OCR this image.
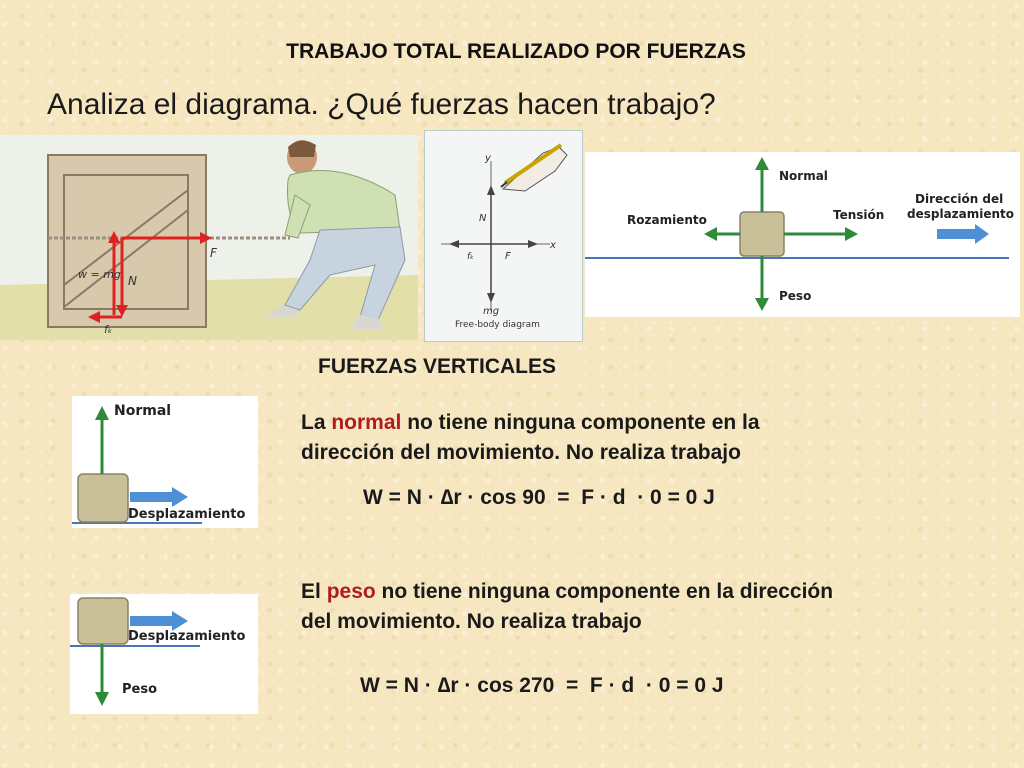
TRABAJO TOTAL REALIZADO POR FUERZAS
Analiza el diagrama. ¿Qué fuerzas hacen trabajo?
F
w = mg N
fₖ
y
x
N
F
fₖ
mg
Free-body diagram
Normal
Rozamiento	Tensión
Peso
Dirección del
desplazamiento
FUERZAS VERTICALES
Normal
Desplazamiento
La normal no tiene ninguna componente en la
dirección del movimiento. No realiza trabajo
W = N · ∆r · cos 90  =  F · d  · 0 = 0 J
Desplazamiento
Peso
El peso no tiene ninguna componente en la dirección
del movimiento. No realiza trabajo
W = N · ∆r · cos 270  =  F · d  · 0 = 0 J
